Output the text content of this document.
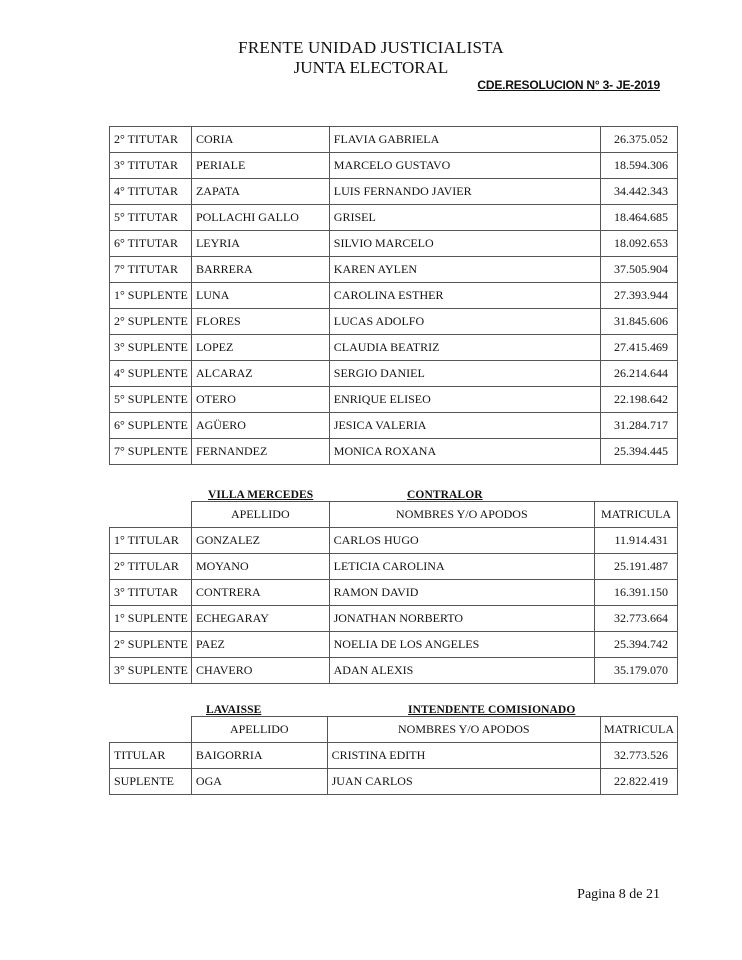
FRENTE UNIDAD JUSTICIALISTA
JUNTA ELECTORAL
CDE.RESOLUCION N° 3- JE-2019
2° TITUTAR	CORIA	FLAVIA GABRIELA	26.375.052
3° TITUTAR	PERIALE	MARCELO GUSTAVO	18.594.306
4° TITUTAR	ZAPATA	LUIS FERNANDO JAVIER	34.442.343
5° TITUTAR	POLLACHI GALLO	GRISEL	18.464.685
6° TITUTAR	LEYRIA	SILVIO MARCELO	18.092.653
7° TITUTAR	BARRERA	KAREN AYLEN	37.505.904
1° SUPLENTE	LUNA	CAROLINA ESTHER	27.393.944
2° SUPLENTE	FLORES	LUCAS ADOLFO	31.845.606
3° SUPLENTE	LOPEZ	CLAUDIA BEATRIZ	27.415.469
4° SUPLENTE	ALCARAZ	SERGIO DANIEL	26.214.644
5° SUPLENTE	OTERO	ENRIQUE ELISEO	22.198.642
6° SUPLENTE	AGÜERO	JESICA VALERIA	31.284.717
7° SUPLENTE	FERNANDEZ	MONICA ROXANA	25.394.445
VILLA MERCEDES	CONTRALOR
	APELLIDO	NOMBRES Y/O APODOS	MATRICULA
1° TITULAR	GONZALEZ	CARLOS HUGO	11.914.431
2° TITULAR	MOYANO	LETICIA CAROLINA	25.191.487
3° TITUTAR	CONTRERA	RAMON DAVID	16.391.150
1° SUPLENTE	ECHEGARAY	JONATHAN NORBERTO	32.773.664
2° SUPLENTE	PAEZ	NOELIA DE LOS ANGELES	25.394.742
3° SUPLENTE	CHAVERO	ADAN ALEXIS	35.179.070
LAVAISSE	INTENDENTE COMISIONADO
	APELLIDO	NOMBRES Y/O APODOS	MATRICULA
TITULAR	BAIGORRIA	CRISTINA EDITH	32.773.526
SUPLENTE	OGA	JUAN CARLOS	22.822.419
Pagina 8 de 21
